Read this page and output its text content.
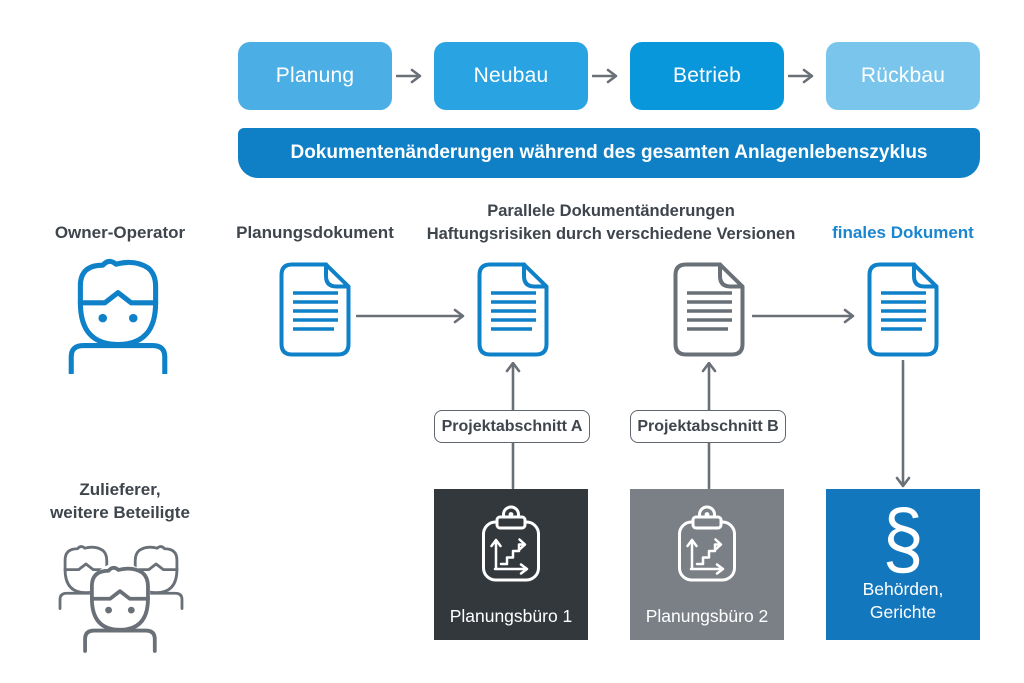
Planung	Neubau	Betrieb	Rückbau
Dokumentenänderungen während des gesamten Anlagenlebenszyklus
Owner-Operator	Planungsdokument
Parallele Dokumentänderungen
Haftungsrisiken durch verschiedene Versionen	finales Dokument
Projektabschnitt A	Projektabschnitt B
Zulieferer,
weitere Beteiligte
Planungsbüro 1	Planungsbüro 2
§
Behörden,
Gerichte
